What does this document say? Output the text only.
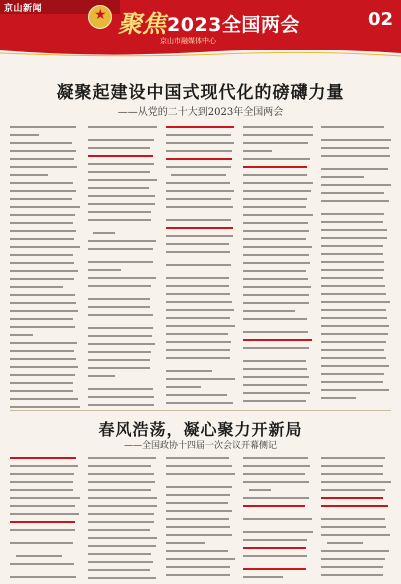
京山新闻
★	聚焦 2023全国两会	02
京山市融媒体中心
凝聚起建设中国式现代化的磅礴力量
——从党的二十大到2023年全国两会
春风浩荡，凝心聚力开新局
——全国政协十四届一次会议开幕侧记
